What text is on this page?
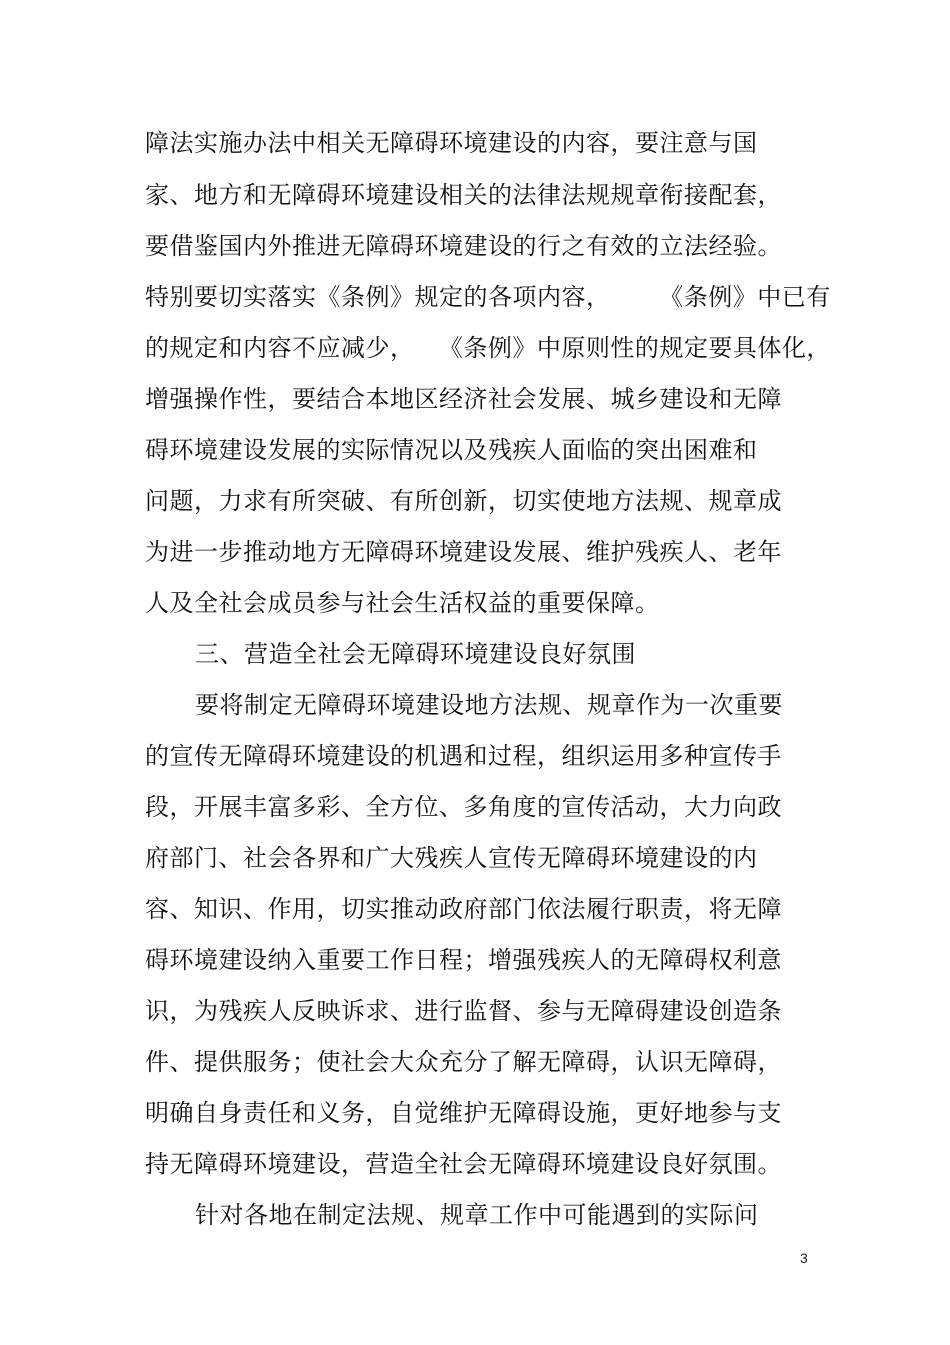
障法实施办法中相关无障碍环境建设的内容，要注意与国
家、地方和无障碍环境建设相关的法律法规规章衔接配套，
要借鉴国内外推进无障碍环境建设的行之有效的立法经验。
特别要切实落实《条例》规定的各项内容，      《条例》中已有
的规定和内容不应减少，   《条例》中原则性的规定要具体化，
增强操作性，要结合本地区经济社会发展、城乡建设和无障
碍环境建设发展的实际情况以及残疾人面临的突出困难和
问题，力求有所突破、有所创新，切实使地方法规、规章成
为进一步推动地方无障碍环境建设发展、维护残疾人、老年
人及全社会成员参与社会生活权益的重要保障。
三、营造全社会无障碍环境建设良好氛围
要将制定无障碍环境建设地方法规、规章作为一次重要
的宣传无障碍环境建设的机遇和过程，组织运用多种宣传手
段，开展丰富多彩、全方位、多角度的宣传活动，大力向政
府部门、社会各界和广大残疾人宣传无障碍环境建设的内
容、知识、作用，切实推动政府部门依法履行职责，将无障
碍环境建设纳入重要工作日程；增强残疾人的无障碍权利意
识，为残疾人反映诉求、进行监督、参与无障碍建设创造条
件、提供服务；使社会大众充分了解无障碍，认识无障碍，
明确自身责任和义务，自觉维护无障碍设施，更好地参与支
持无障碍环境建设，营造全社会无障碍环境建设良好氛围。
针对各地在制定法规、规章工作中可能遇到的实际问
3
